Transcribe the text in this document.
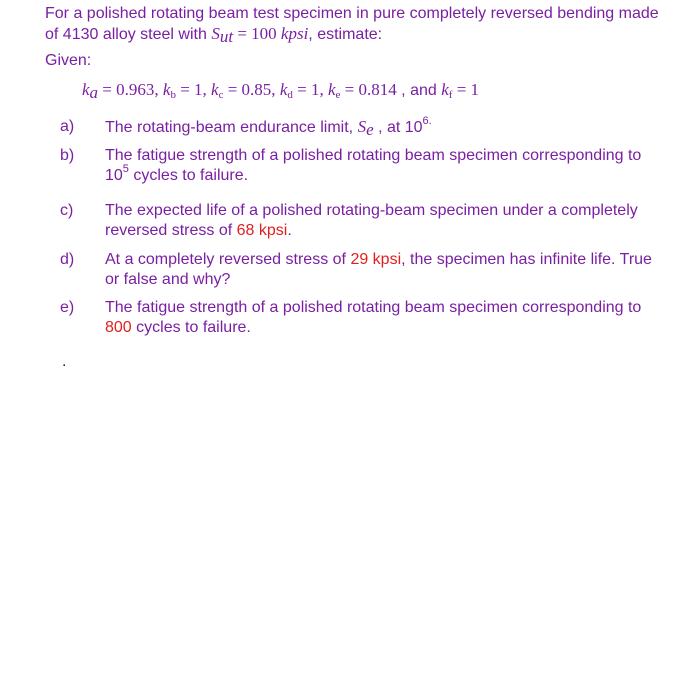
For a polished rotating beam test specimen in pure completely reversed bending made of 4130 alloy steel with $S_{ut} = 100$ kpsi, estimate:
Given:
$k_a = 0.963$, $k_b = 1$, $k_c = 0.85$, $k_d = 1$, $k_e = 0.814$ , and $k_f = 1$
a) The rotating-beam endurance limit, $S_e$ , at $10^{6.}$
b) The fatigue strength of a polished rotating beam specimen corresponding to $10^5$ cycles to failure.
c) The expected life of a polished rotating-beam specimen under a completely reversed stress of 68 kpsi.
d) At a completely reversed stress of 29 kpsi, the specimen has infinite life. True or false and why?
e) The fatigue strength of a polished rotating beam specimen corresponding to 800 cycles to failure.
.
